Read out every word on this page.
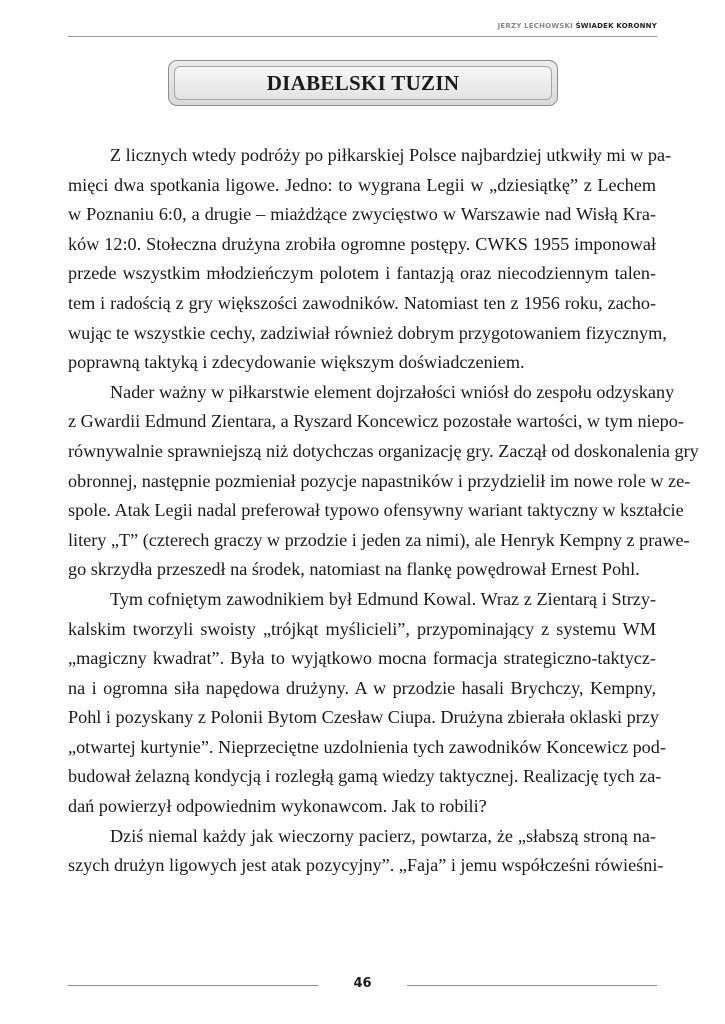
JERZY LECHOWSKI ŚWIADEK KORONNY
DIABELSKI TUZIN
Z licznych wtedy podróży po piłkarskiej Polsce najbardziej utkwiły mi w pa-
mięci dwa spotkania ligowe. Jedno: to wygrana Legii w „dziesiątkę” z Lechem
w Poznaniu 6:0, a drugie – miażdżące zwycięstwo w Warszawie nad Wisłą Kra-
ków 12:0. Stołeczna drużyna zrobiła ogromne postępy. CWKS 1955 imponował
przede wszystkim młodzieńczym polotem i fantazją oraz niecodziennym talen-
tem i radością z gry większości zawodników. Natomiast ten z 1956 roku, zacho-
wując te wszystkie cechy, zadziwiał również dobrym przygotowaniem fizycznym,
poprawną taktyką i zdecydowanie większym doświadczeniem.
Nader ważny w piłkarstwie element dojrzałości wniósł do zespołu odzyskany
z Gwardii Edmund Zientara, a Ryszard Koncewicz pozostałe wartości, w tym niepo-
równywalnie sprawniejszą niż dotychczas organizację gry. Zaczął od doskonalenia gry
obronnej, następnie pozmieniał pozycje napastników i przydzielił im nowe role w ze-
spole. Atak Legii nadal preferował typowo ofensywny wariant taktyczny w kształcie
litery „T” (czterech graczy w przodzie i jeden za nimi), ale Henryk Kempny z prawe-
go skrzydła przeszedł na środek, natomiast na flankę powędrował Ernest Pohl.
Tym cofniętym zawodnikiem był Edmund Kowal. Wraz z Zientarą i Strzy-
kalskim tworzyli swoisty „trójkąt myślicieli”, przypominający z systemu WM
„magiczny kwadrat”. Była to wyjątkowo mocna formacja strategiczno-taktycz-
na i ogromna siła napędowa drużyny. A w przodzie hasali Brychczy, Kempny,
Pohl i pozyskany z Polonii Bytom Czesław Ciupa. Drużyna zbierała oklaski przy
„otwartej kurtynie”. Nieprzeciętne uzdolnienia tych zawodników Koncewicz pod-
budował żelazną kondycją i rozległą gamą wiedzy taktycznej. Realizację tych za-
dań powierzył odpowiednim wykonawcom. Jak to robili?
Dziś niemal każdy jak wieczorny pacierz, powtarza, że „słabszą stroną na-
szych drużyn ligowych jest atak pozycyjny”. „Faja” i jemu współcześni rówieśni-
46
